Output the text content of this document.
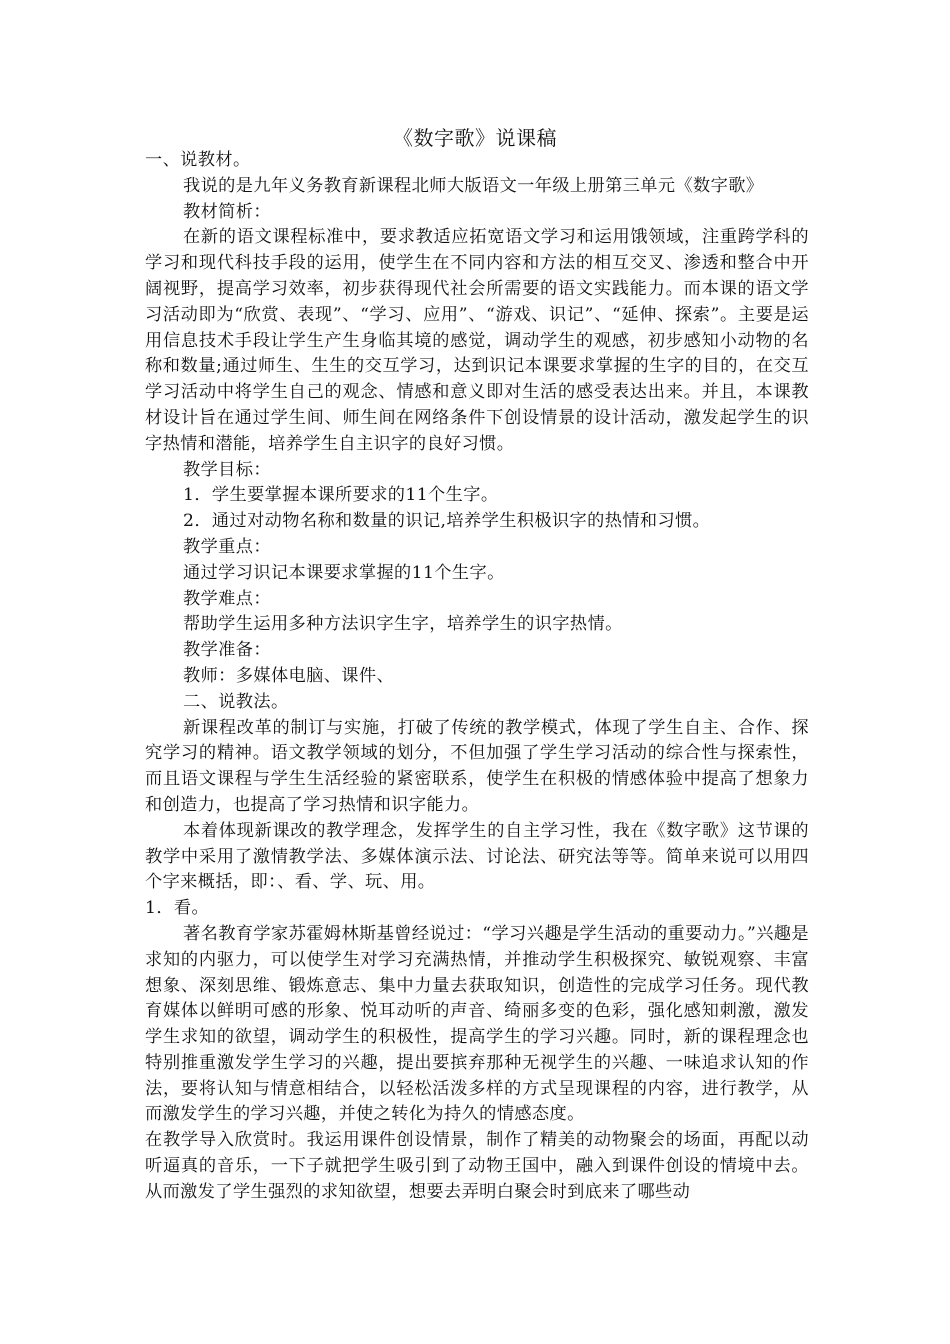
《数字歌》说课稿

一、说教材。

我说的是九年义务教育新课程北师大版语文一年级上册第三单元《数字歌》

教材简析：

在新的语文课程标准中，要求教适应拓宽语文学习和运用饿领域，注重跨学科的学习和现代科技手段的运用，使学生在不同内容和方法的相互交叉、渗透和整合中开阔视野，提高学习效率，初步获得现代社会所需要的语文实践能力。而本课的语文学习活动即为“欣赏、表现”、“学习、应用”、“游戏、识记”、“延伸、探索”。主要是运用信息技术手段让学生产生身临其境的感觉，调动学生的观感，初步感知小动物的名称和数量;通过师生、生生的交互学习，达到识记本课要求掌握的生字的目的，在交互学习活动中将学生自己的观念、情感和意义即对生活的感受表达出来。并且，本课教材设计旨在通过学生间、师生间在网络条件下创设情景的设计活动，激发起学生的识字热情和潜能，培养学生自主识字的良好习惯。

教学目标：

1．学生要掌握本课所要求的11个生字。

2．通过对动物名称和数量的识记,培养学生积极识字的热情和习惯。

教学重点：

通过学习识记本课要求掌握的11个生字。

教学难点：

帮助学生运用多种方法识字生字，培养学生的识字热情。

教学准备：

教师：多媒体电脑、课件、

二、说教法。

新课程改革的制订与实施，打破了传统的教学模式，体现了学生自主、合作、探究学习的精神。语文教学领域的划分，不但加强了学生学习活动的综合性与探索性，而且语文课程与学生生活经验的紧密联系，使学生在积极的情感体验中提高了想象力和创造力，也提高了学习热情和识字能力。

本着体现新课改的教学理念，发挥学生的自主学习性，我在《数字歌》这节课的教学中采用了激情教学法、多媒体演示法、讨论法、研究法等等。简单来说可以用四个字来概括，即：、看、学、玩、用。

1．看。

著名教育学家苏霍姆林斯基曾经说过：“学习兴趣是学生活动的重要动力。”兴趣是求知的内驱力，可以使学生对学习充满热情，并推动学生积极探究、敏锐观察、丰富想象、深刻思维、锻炼意志、集中力量去获取知识，创造性的完成学习任务。现代教育媒体以鲜明可感的形象、悦耳动听的声音、绮丽多变的色彩，强化感知刺激，激发学生求知的欲望，调动学生的积极性，提高学生的学习兴趣。同时，新的课程理念也特别推重激发学生学习的兴趣，提出要摈弃那种无视学生的兴趣、一味追求认知的作法，要将认知与情意相结合，以轻松活泼多样的方式呈现课程的内容，进行教学，从而激发学生的学习兴趣，并使之转化为持久的情感态度。

在教学导入欣赏时。我运用课件创设情景，制作了精美的动物聚会的场面，再配以动听逼真的音乐，一下子就把学生吸引到了动物王国中，融入到课件创设的情境中去。从而激发了学生强烈的求知欲望，想要去弄明白聚会时到底来了哪些动
